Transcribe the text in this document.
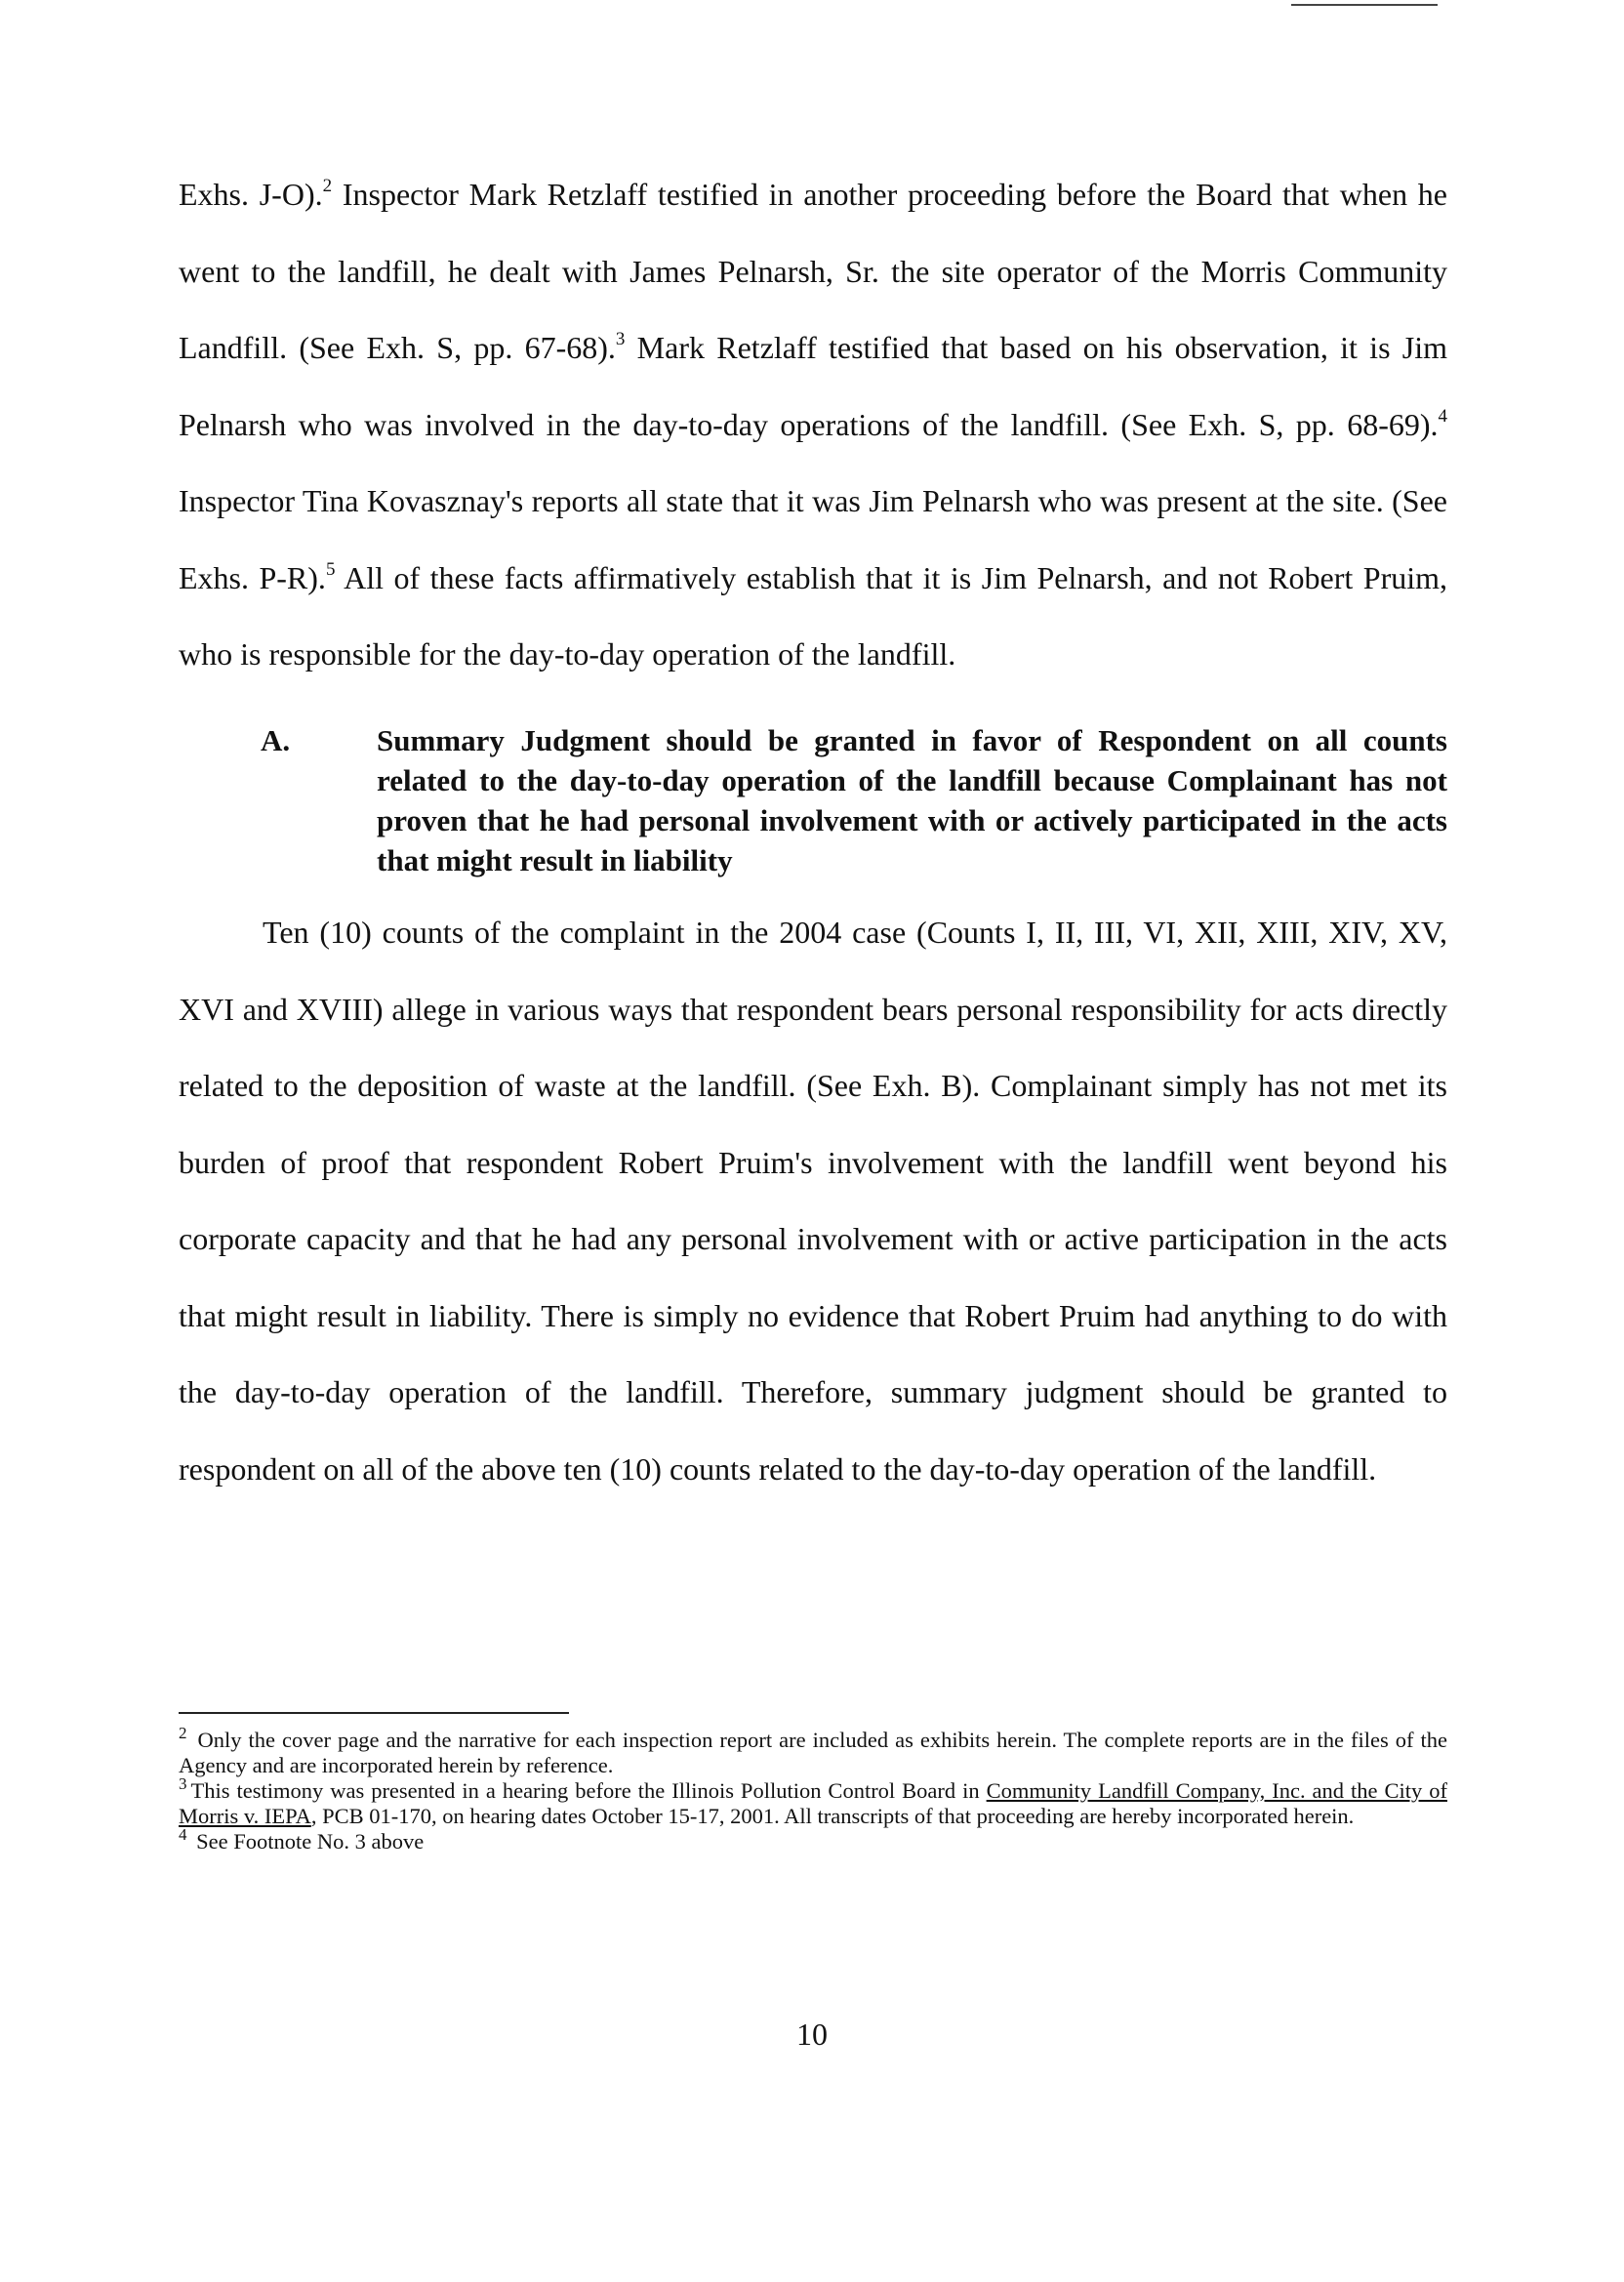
Exhs. J-O).$^2$ Inspector Mark Retzlaff testified in another proceeding before the Board that when he went to the landfill, he dealt with James Pelnarsh, Sr. the site operator of the Morris Community Landfill. (See Exh. S, pp. 67-68).$^3$ Mark Retzlaff testified that based on his observation, it is Jim Pelnarsh who was involved in the day-to-day operations of the landfill. (See Exh. S, pp. 68-69).$^4$ Inspector Tina Kovasznay's reports all state that it was Jim Pelnarsh who was present at the site. (See Exhs. P-R).$^5$ All of these facts affirmatively establish that it is Jim Pelnarsh, and not Robert Pruim, who is responsible for the day-to-day operation of the landfill.

A.	Summary Judgment should be granted in favor of Respondent on all counts related to the day-to-day operation of the landfill because Complainant has not proven that he had personal involvement with or actively participated in the acts that might result in liability

Ten (10) counts of the complaint in the 2004 case (Counts I, II, III, VI, XII, XIII, XIV, XV, XVI and XVIII) allege in various ways that respondent bears personal responsibility for acts directly related to the deposition of waste at the landfill. (See Exh. B). Complainant simply has not met its burden of proof that respondent Robert Pruim's involvement with the landfill went beyond his corporate capacity and that he had any personal involvement with or active participation in the acts that might result in liability. There is simply no evidence that Robert Pruim had anything to do with the day-to-day operation of the landfill. Therefore, summary judgment should be granted to respondent on all of the above ten (10) counts related to the day-to-day operation of the landfill.

$^2$ Only the cover page and the narrative for each inspection report are included as exhibits herein. The complete reports are in the files of the Agency and are incorporated herein by reference.

$^3$ This testimony was presented in a hearing before the Illinois Pollution Control Board in Community Landfill Company, Inc. and the City of Morris v. IEPA, PCB 01-170, on hearing dates October 15-17, 2001. All transcripts of that proceeding are hereby incorporated herein.

$^4$ See Footnote No. 3 above

10
